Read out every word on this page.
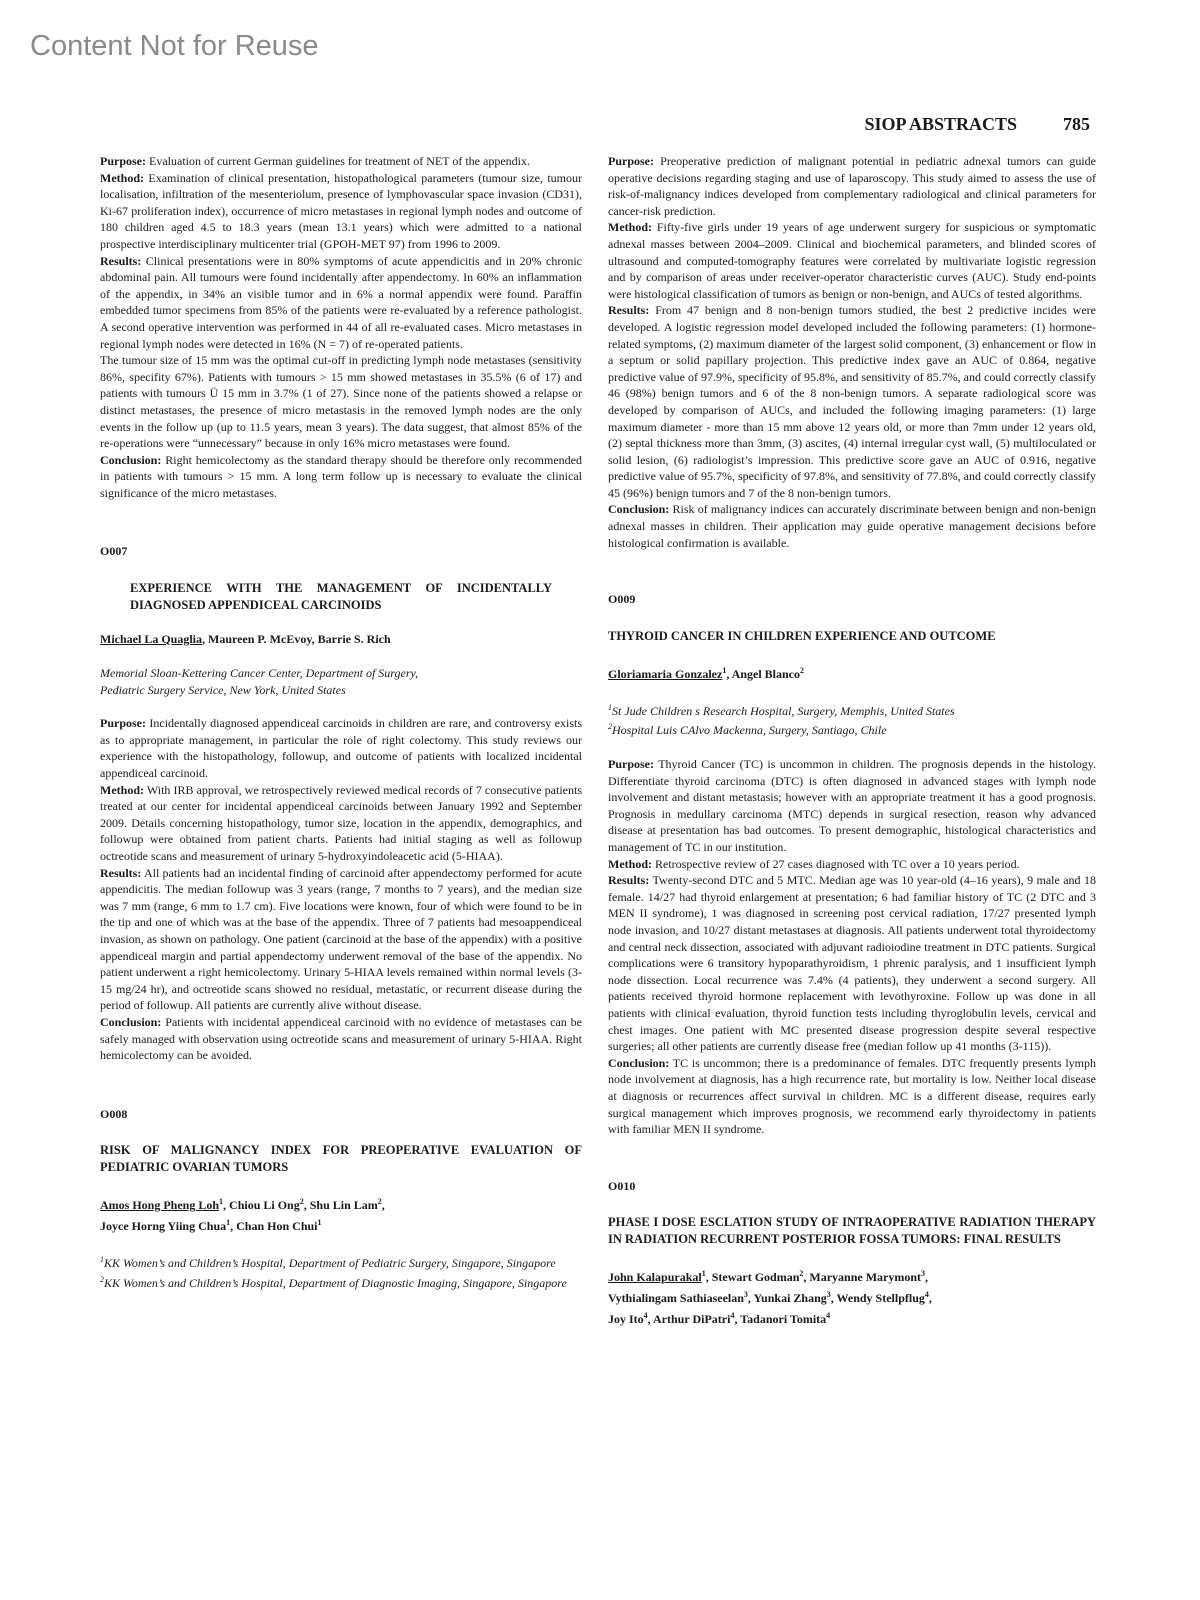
Content Not for Reuse
SIOP ABSTRACTS	785

Purpose: Evaluation of current German guidelines for treatment of NET of the appendix.

Method: Examination of clinical presentation, histopathological parameters (tumour size, tumour localisation, infiltration of the mesenteriolum, presence of lymphovascular space invasion (CD31), Ki-67 proliferation index), occurrence of micro metastases in regional lymph nodes and outcome of 180 children aged 4.5 to 18.3 years (mean 13.1 years) which were admitted to a national prospective interdisciplinary multicenter trial (GPOH-MET 97) from 1996 to 2009.

Results: Clinical presentations were in 80% symptoms of acute appendicitis and in 20% chronic abdominal pain. All tumours were found incidentally after appendectomy. In 60% an inflammation of the appendix, in 34% an visible tumor and in 6% a normal appendix were found. Paraffin embedded tumor specimens from 85% of the patients were re-evaluated by a reference pathologist. A second operative intervention was performed in 44 of all re-evaluated cases. Micro metastases in regional lymph nodes were detected in 16% (N = 7) of re-operated patients.

The tumour size of 15 mm was the optimal cut-off in predicting lymph node metastases (sensitivity 86%, specifity 67%). Patients with tumours > 15 mm showed metastases in 35.5% (6 of 17) and patients with tumours Ü 15 mm in 3.7% (1 of 27). Since none of the patients showed a relapse or distinct metastases, the presence of micro metastasis in the removed lymph nodes are the only events in the follow up (up to 11.5 years, mean 3 years). The data suggest, that almost 85% of the re-operations were “unnecessary” because in only 16% micro metastases were found.

Conclusion: Right hemicolectomy as the standard therapy should be therefore only recommended in patients with tumours > 15 mm. A long term follow up is necessary to evaluate the clinical significance of the micro metastases.

O007

EXPERIENCE WITH THE MANAGEMENT OF INCIDENTALLY DIAGNOSED APPENDICEAL CARCINOIDS

Michael La Quaglia, Maureen P. McEvoy, Barrie S. Rich

Memorial Sloan-Kettering Cancer Center, Department of Surgery,

Pediatric Surgery Service, New York, United States

Purpose: Incidentally diagnosed appendiceal carcinoids in children are rare, and controversy exists as to appropriate management, in particular the role of right colectomy. This study reviews our experience with the histopathology, followup, and outcome of patients with localized incidental appendiceal carcinoid.

Method: With IRB approval, we retrospectively reviewed medical records of 7 consecutive patients treated at our center for incidental appendiceal carcinoids between January 1992 and September 2009. Details concerning histopathology, tumor size, location in the appendix, demographics, and followup were obtained from patient charts. Patients had initial staging as well as followup octreotide scans and measurement of urinary 5-hydroxyindoleacetic acid (5-HIAA).

Results: All patients had an incidental finding of carcinoid after appendectomy performed for acute appendicitis. The median followup was 3 years (range, 7 months to 7 years), and the median size was 7 mm (range, 6 mm to 1.7 cm). Five locations were known, four of which were found to be in the tip and one of which was at the base of the appendix. Three of 7 patients had mesoappendiceal invasion, as shown on pathology. One patient (carcinoid at the base of the appendix) with a positive appendiceal margin and partial appendectomy underwent removal of the base of the appendix. No patient underwent a right hemicolectomy. Urinary 5-HIAA levels remained within normal levels (3-15 mg/24 hr), and octreotide scans showed no residual, metastatic, or recurrent disease during the period of followup. All patients are currently alive without disease.

Conclusion: Patients with incidental appendiceal carcinoid with no evidence of metastases can be safely managed with observation using octreotide scans and measurement of urinary 5-HIAA. Right hemicolectomy can be avoided.

O008

RISK OF MALIGNANCY INDEX FOR PREOPERATIVE EVALUATION OF PEDIATRIC OVARIAN TUMORS

Amos Hong Pheng Loh$^1$, Chiou Li Ong$^2$, Shu Lin Lam$^2$,
Joyce Horng Yiing Chua$^1$, Chan Hon Chui$^1$

$^1$KK Women’s and Children’s Hospital, Department of Pediatric Surgery, Singapore, Singapore

$^2$KK Women’s and Children’s Hospital, Department of Diagnostic Imaging, Singapore, Singapore

Purpose: Preoperative prediction of malignant potential in pediatric adnexal tumors can guide operative decisions regarding staging and use of laparoscopy. This study aimed to assess the use of risk-of-malignancy indices developed from complementary radiological and clinical parameters for cancer-risk prediction.

Method: Fifty-five girls under 19 years of age underwent surgery for suspicious or symptomatic adnexal masses between 2004–2009. Clinical and biochemical parameters, and blinded scores of ultrasound and computed-tomography features were correlated by multivariate logistic regression and by comparison of areas under receiver-operator characteristic curves (AUC). Study end-points were histological classification of tumors as benign or non-benign, and AUCs of tested algorithms.

Results: From 47 benign and 8 non-benign tumors studied, the best 2 predictive incides were developed. A logistic regression model developed included the following parameters: (1) hormone-related symptoms, (2) maximum diameter of the largest solid component, (3) enhancement or flow in a septum or solid papillary projection. This predictive index gave an AUC of 0.864, negative predictive value of 97.9%, specificity of 95.8%, and sensitivity of 85.7%, and could correctly classify 46 (98%) benign tumors and 6 of the 8 non-benign tumors. A separate radiological score was developed by comparison of AUCs, and included the following imaging parameters: (1) large maximum diameter - more than 15 mm above 12 years old, or more than 7mm under 12 years old, (2) septal thickness more than 3mm, (3) ascites, (4) internal irregular cyst wall, (5) multiloculated or solid lesion, (6) radiologist’s impression. This predictive score gave an AUC of 0.916, negative predictive value of 95.7%, specificity of 97.8%, and sensitivity of 77.8%, and could correctly classify 45 (96%) benign tumors and 7 of the 8 non-benign tumors.

Conclusion: Risk of malignancy indices can accurately discriminate between benign and non-benign adnexal masses in children. Their application may guide operative management decisions before histological confirmation is available.

O009

THYROID CANCER IN CHILDREN EXPERIENCE AND OUTCOME

Gloriamaria Gonzalez$^1$, Angel Blanco$^2$

$^1$St Jude Children s Research Hospital, Surgery, Memphis, United States

$^2$Hospital Luis CAlvo Mackenna, Surgery, Santiago, Chile

Purpose: Thyroid Cancer (TC) is uncommon in children. The prognosis depends in the histology. Differentiate thyroid carcinoma (DTC) is often diagnosed in advanced stages with lymph node involvement and distant metastasis; however with an appropriate treatment it has a good prognosis. Prognosis in medullary carcinoma (MTC) depends in surgical resection, reason why advanced disease at presentation has bad outcomes. To present demographic, histological characteristics and management of TC in our institution.

Method: Retrospective review of 27 cases diagnosed with TC over a 10 years period.

Results: Twenty-second DTC and 5 MTC. Median age was 10 year-old (4–16 years), 9 male and 18 female. 14/27 had thyroid enlargement at presentation; 6 had familiar history of TC (2 DTC and 3 MEN II syndrome), 1 was diagnosed in screening post cervical radiation, 17/27 presented lymph node invasion, and 10/27 distant metastases at diagnosis. All patients underwent total thyroidectomy and central neck dissection, associated with adjuvant radioiodine treatment in DTC patients. Surgical complications were 6 transitory hypoparathyroidism, 1 phrenic paralysis, and 1 insufficient lymph node dissection. Local recurrence was 7.4% (4 patients), they underwent a second surgery. All patients received thyroid hormone replacement with levothyroxine. Follow up was done in all patients with clinical evaluation, thyroid function tests including thyroglobulin levels, cervical and chest images. One patient with MC presented disease progression despite several respective surgeries; all other patients are currently disease free (median follow up 41 months (3-115)).

Conclusion: TC is uncommon; there is a predominance of females. DTC frequently presents lymph node involvement at diagnosis, has a high recurrence rate, but mortality is low. Neither local disease at diagnosis or recurrences affect survival in children. MC is a different disease, requires early surgical management which improves prognosis, we recommend early thyroidectomy in patients with familiar MEN II syndrome.

O010

PHASE I DOSE ESCLATION STUDY OF INTRAOPERATIVE RADIATION THERAPY IN RADIATION RECURRENT POSTERIOR FOSSA TUMORS: FINAL RESULTS

John Kalapurakal$^1$, Stewart Godman$^2$, Maryanne Marymont$^3$,
Vythialingam Sathiaseelan$^3$, Yunkai Zhang$^3$, Wendy Stellpflug$^4$,
Joy Ito$^4$, Arthur DiPatri$^4$, Tadanori Tomita$^4$
